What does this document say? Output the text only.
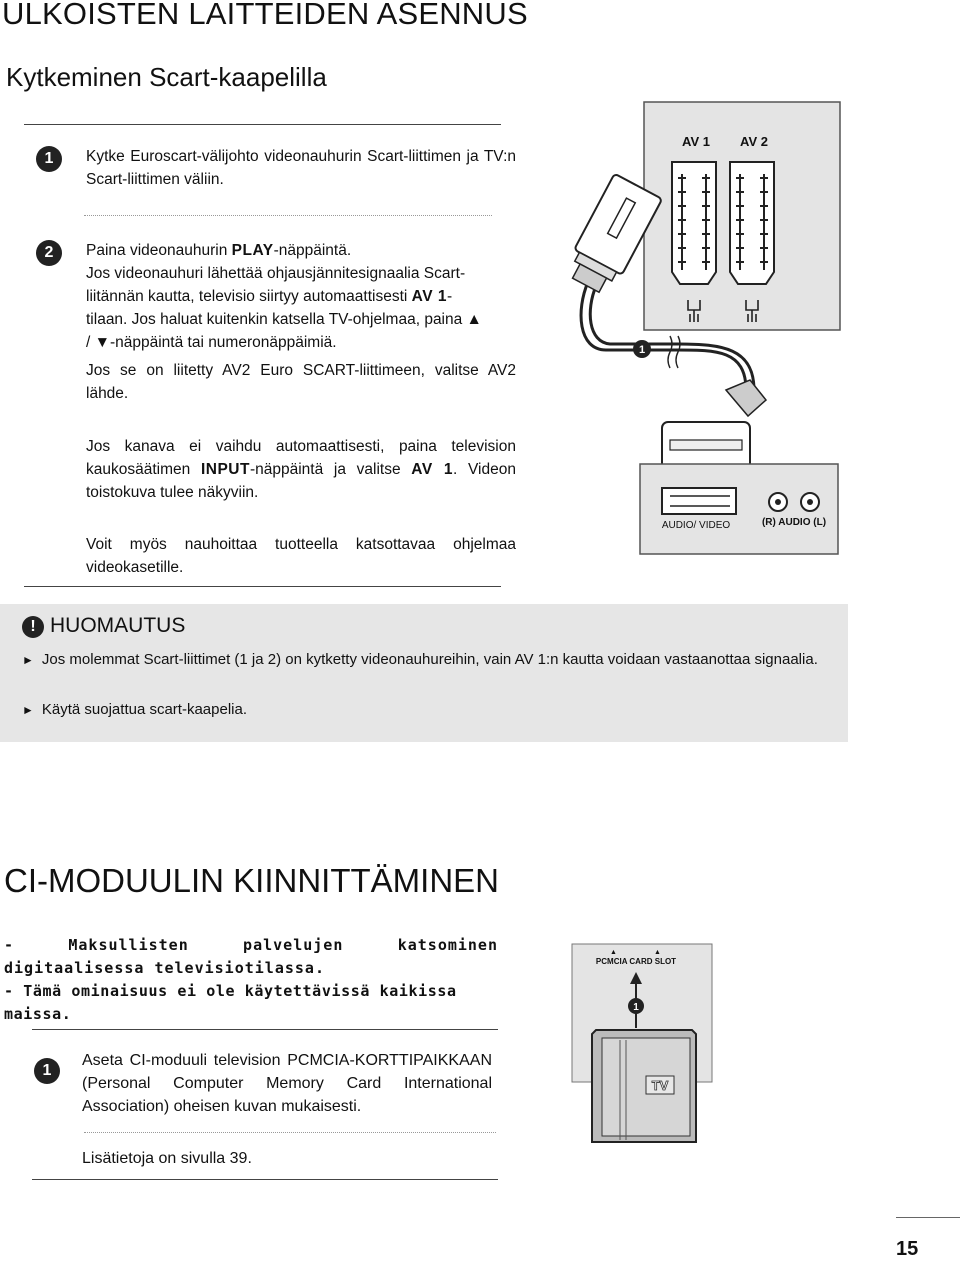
ULKOISTEN LAITTEIDEN ASENNUS
Kytkeminen Scart-kaapelilla
1	Kytke Euroscart-välijohto videonauhurin Scart-liittimen ja TV:n Scart-liittimen väliin.
2	Paina videonauhurin PLAY-näppäintä.
Jos videonauhuri lähettää ohjausjännitesignaalia Scart-liitännän kautta, televisio siirtyy automaattisesti AV 1-tilaan. Jos haluat kuitenkin katsella TV-ohjelmaa, paina ▲ / ▼-näppäintä tai numeronäppäimiä.
Jos se on liitetty AV2 Euro SCART-liittimeen, valitse AV2 lähde.
Jos kanava ei vaihdu automaattisesti, paina television kaukosäätimen INPUT-näppäintä ja valitse AV 1. Videon toistokuva tulee näkyviin.
Voit myös nauhoittaa tuotteella katsottavaa ohjelmaa videokasetille.
AV 1 AV 2
1
AUDIO/ VIDEO	(R) AUDIO (L)
! HUOMAUTUS
► Jos molemmat Scart-liittimet (1 ja 2) on kytketty videonauhureihin, vain AV 1:n kautta voidaan vastaanottaa signaalia.
► Käytä suojattua scart-kaapelia.
CI-MODUULIN KIINNITTÄMINEN
- Maksullisten palvelujen katsominen digitaalisessa televisiotilassa.
- Tämä ominaisuus ei ole käytettävissä kaikissa maissa.
1
Aseta CI-moduuli television PCMCIA-KORTTIPAIKKAAN (Personal Computer Memory Card International Association) oheisen kuvan mukaisesti.
Lisätietoja on sivulla 39.
▲	▲
PCMCIA CARD SLOT
1
TV
15
